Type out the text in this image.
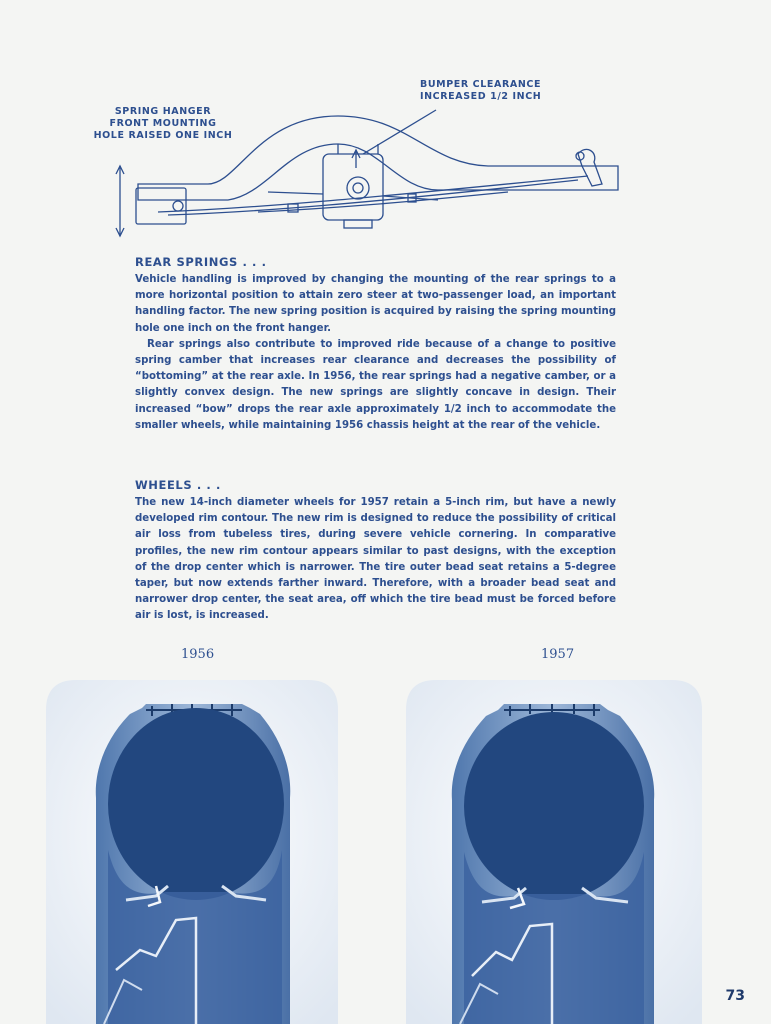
SPRING HANGER
FRONT MOUNTING
HOLE RAISED ONE INCH
BUMPER CLEARANCE
INCREASED 1/2 INCH
REAR SPRINGS . . .

Vehicle handling is improved by changing the mounting of the rear springs to a more horizontal position to attain zero steer at two-passenger load, an important handling factor. The new spring position is acquired by raising the spring mounting hole one inch on the front hanger.

Rear springs also contribute to improved ride because of a change to positive spring camber that increases rear clearance and decreases the possibility of “bottoming” at the rear axle. In 1956, the rear springs had a negative camber, or a slightly convex design. The new springs are slightly concave in design. Their increased “bow” drops the rear axle approximately 1/2 inch to accommodate the smaller wheels, while maintaining 1956 chassis height at the rear of the vehicle.

WHEELS . . .

The new 14-inch diameter wheels for 1957 retain a 5-inch rim, but have a newly developed rim contour. The new rim is designed to reduce the possibility of critical air loss from tubeless tires, during severe vehicle cornering. In comparative profiles, the new rim contour appears similar to past designs, with the exception of the drop center which is narrower. The tire outer bead seat retains a 5-degree taper, but now extends farther inward. Therefore, with a broader bead seat and narrower drop center, the seat area, off which the tire bead must be forced before air is lost, is increased.

1956	1957
73
